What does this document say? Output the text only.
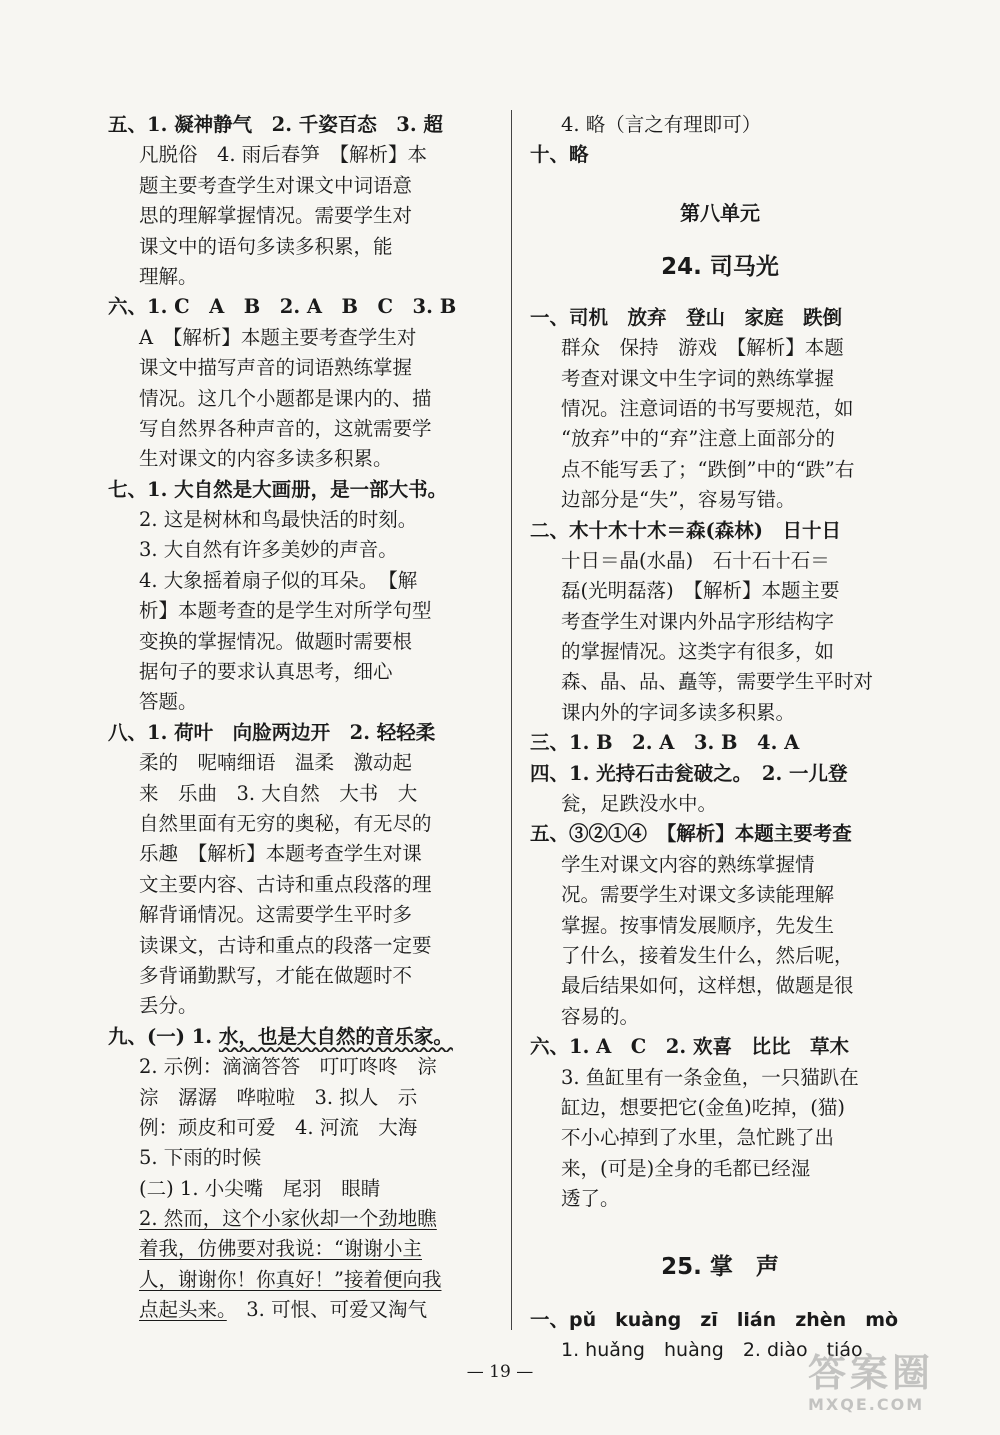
五、1. 凝神静气　2. 千姿百态　3. 超
凡脱俗　4. 雨后春笋　【解析】本
题主要考查学生对课文中词语意
思的理解掌握情况。需要学生对
课文中的语句多读多积累，能
理解。
六、1. C　A　B　2. A　B　C　3. B
A　【解析】本题主要考查学生对
课文中描写声音的词语熟练掌握
情况。这几个小题都是课内的、描
写自然界各种声音的，这就需要学
生对课文的内容多读多积累。
七、1. 大自然是大画册，是一部大书。
2. 这是树林和鸟最快活的时刻。
3. 大自然有许多美妙的声音。
4. 大象摇着扇子似的耳朵。　【解
析】本题考查的是学生对所学句型
变换的掌握情况。做题时需要根
据句子的要求认真思考，细心
答题。
八、1. 荷叶　向脸两边开　2. 轻轻柔
柔的　呢喃细语　温柔　激动起
来　乐曲　3. 大自然　大书　大
自然里面有无穷的奥秘，有无尽的
乐趣　【解析】本题考查学生对课
文主要内容、古诗和重点段落的理
解背诵情况。这需要学生平时多
读课文，古诗和重点的段落一定要
多背诵勤默写，才能在做题时不
丢分。
九、(一) 1. 水，也是大自然的音乐家。
2. 示例：滴滴答答　叮叮咚咚　淙
淙　潺潺　哗啦啦　3. 拟人　示
例：顽皮和可爱　4. 河流　大海
5. 下雨的时候
(二) 1. 小尖嘴　尾羽　眼睛
2. 然而，这个小家伙却一个劲地瞧
着我，仿佛要对我说：“谢谢小主
人，谢谢你！你真好！”接着便向我
点起头来。　3. 可恨、可爱又淘气
4. 略（言之有理即可）
十、略
第八单元
24. 司马光
一、司机　放弃　登山　家庭　跌倒
群众　保持　游戏　【解析】本题
考查对课文中生字词的熟练掌握
情况。注意词语的书写要规范，如
“放弃”中的“弃”注意上面部分的
点不能写丢了；“跌倒”中的“跌”右
边部分是“失”，容易写错。
二、木十木十木＝森(森林)　日十日
十日＝晶(水晶)　石十石十石＝
磊(光明磊落)　【解析】本题主要
考查学生对课内外品字形结构字
的掌握情况。这类字有很多，如
森、晶、品、矗等，需要学生平时对
课内外的字词多读多积累。
三、1. B　2. A　3. B　4. A
四、1. 光持石击瓮破之。　2. 一儿登
瓮，足跌没水中。
五、③②①④　【解析】本题主要考查
学生对课文内容的熟练掌握情
况。需要学生对课文多读能理解
掌握。按事情发展顺序，先发生
了什么，接着发生什么，然后呢，
最后结果如何，这样想，做题是很
容易的。
六、1. A　C　2. 欢喜　比比　草木
3. 鱼缸里有一条金鱼，一只猫趴在
缸边，想要把它(金鱼)吃掉，(猫)
不小心掉到了水里，急忙跳了出
来，(可是)全身的毛都已经湿
透了。
25. 掌　声
一、pǔ　kuàng　zī　lián　zhèn　mò
1. huǎng　huàng　2. diào　tiáo
— 19 —	答案圈
MXQE.COM
